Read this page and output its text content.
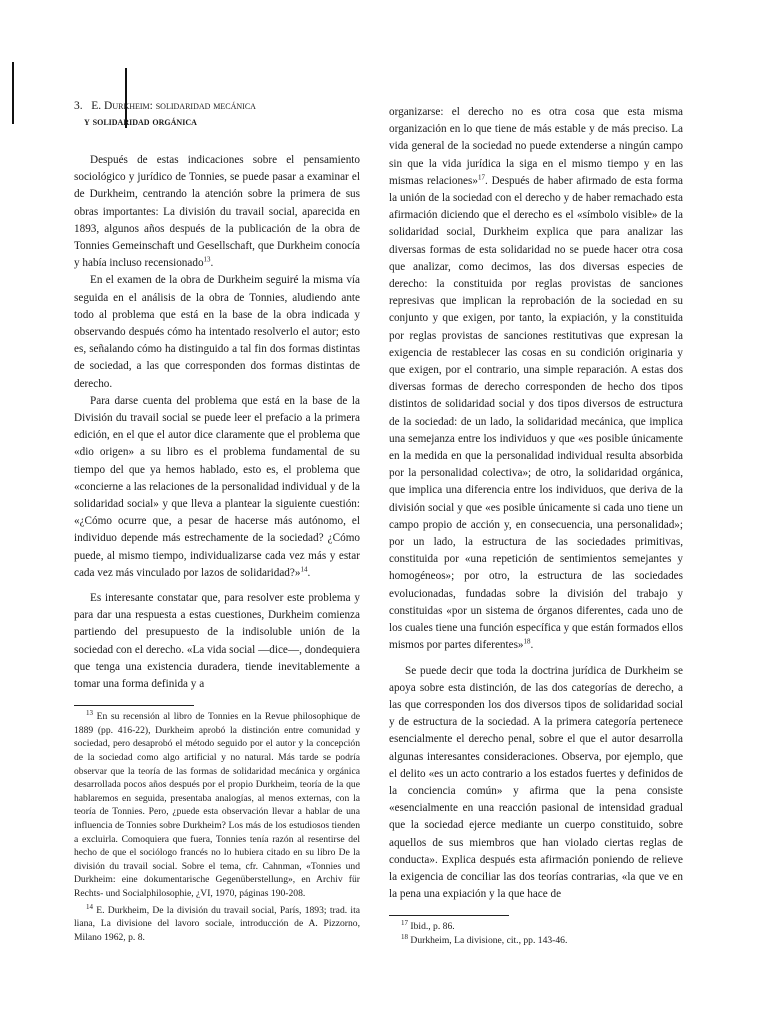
3. E. Durkheim: solidaridad mecánica
y solidaridad orgánica

Después de estas indicaciones sobre el pensamiento sociológico y jurídico de Tonnies, se puede pasar a examinar el de Durkheim, centrando la atención sobre la primera de sus obras importantes: La división du travail social, aparecida en 1893, algunos años después de la publicación de la obra de Tonnies Gemeinschaft und Gesellschaft, que Durkheim conocía y había incluso recensionado$^{13}$.

En el examen de la obra de Durkheim seguiré la misma vía seguida en el análisis de la obra de Tonnies, aludiendo ante todo al problema que está en la base de la obra indicada y observando después cómo ha intentado resolverlo el autor; esto es, señalando cómo ha distinguido a tal fin dos formas distintas de sociedad, a las que corresponden dos formas distintas de derecho.

Para darse cuenta del problema que está en la base de la División du travail social se puede leer el prefacio a la primera edición, en el que el autor dice claramente que el problema que «dio origen» a su libro es el problema fundamental de su tiempo del que ya hemos hablado, esto es, el problema que «concierne a las relaciones de la personalidad individual y de la solidaridad social» y que lleva a plantear la siguiente cuestión: «¿Cómo ocurre que, a pesar de hacerse más autónomo, el individuo depende más estrechamente de la sociedad? ¿Cómo puede, al mismo tiempo, individualizarse cada vez más y estar cada vez más vinculado por lazos de solidaridad?»$^{14}$.

Es interesante constatar que, para resolver este problema y para dar una respuesta a estas cuestiones, Durkheim comienza partiendo del presupuesto de la indisoluble unión de la sociedad con el derecho. «La vida social —dice—, dondequiera que tenga una existencia duradera, tiende inevitablemente a tomar una forma definida y a

$^{13}$ En su recensión al libro de Tonnies en la Revue philosophique de 1889 (pp. 416-22), Durkheim aprobó la distinción entre comunidad y sociedad, pero desaprobó el método seguido por el autor y la concepción de la sociedad como algo artificial y no natural. Más tarde se podría observar que la teoría de las formas de solidaridad mecánica y orgánica desarrollada pocos años después por el propio Durkheim, teoría de la que hablaremos en seguida, presentaba analogías, al menos externas, con la teoría de Tonnies. Pero, ¿puede esta observación llevar a hablar de una influencia de Tonnies sobre Durkheim? Los más de los estudiosos tienden a excluirla. Comoquiera que fuera, Tonnies tenía razón al resentirse del hecho de que el sociólogo francés no lo hubiera citado en su libro De la división du travail social. Sobre el tema, cfr. Cahnman, «Tonnies und Durkheim: eine dokumentarische Gegenüberstellung», en Archiv für Rechts- und Socialphilosophie, ¿VI, 1970, páginas 190-208.

$^{14}$ E. Durkheim, De la división du travail social, París, 1893; trad. ita liana, La divisione del lavoro sociale, introducción de A. Pizzorno, Milano 1962, p. 8.

organizarse: el derecho no es otra cosa que esta misma organización en lo que tiene de más estable y de más preciso. La vida general de la sociedad no puede extenderse a ningún campo sin que la vida jurídica la siga en el mismo tiempo y en las mismas relaciones»$^{17}$. Después de haber afirmado de esta forma la unión de la sociedad con el derecho y de haber remachado esta afirmación diciendo que el derecho es el «símbolo visible» de la solidaridad social, Durkheim explica que para analizar las diversas formas de esta solidaridad no se puede hacer otra cosa que analizar, como decimos, las dos diversas especies de derecho: la constituida por reglas provistas de sanciones represivas que implican la reprobación de la sociedad en su conjunto y que exigen, por tanto, la expiación, y la constituida por reglas provistas de sanciones restitutivas que expresan la exigencia de restablecer las cosas en su condición originaria y que exigen, por el contrario, una simple reparación. A estas dos diversas formas de derecho corresponden de hecho dos tipos distintos de solidaridad social y dos tipos diversos de estructura de la sociedad: de un lado, la solidaridad mecánica, que implica una semejanza entre los individuos y que «es posible únicamente en la medida en que la personalidad individual resulta absorbida por la personalidad colectiva»; de otro, la solidaridad orgánica, que implica una diferencia entre los individuos, que deriva de la división social y que «es posible únicamente si cada uno tiene un campo propio de acción y, en consecuencia, una personalidad»; por un lado, la estructura de las sociedades primitivas, constituida por «una repetición de sentimientos semejantes y homogéneos»; por otro, la estructura de las sociedades evolucionadas, fundadas sobre la división del trabajo y constituidas «por un sistema de órganos diferentes, cada uno de los cuales tiene una función específica y que están formados ellos mismos por partes diferentes»$^{18}$.

Se puede decir que toda la doctrina jurídica de Durkheim se apoya sobre esta distinción, de las dos categorías de derecho, a las que corresponden los dos diversos tipos de solidaridad social y de estructura de la sociedad. A la primera categoría pertenece esencialmente el derecho penal, sobre el que el autor desarrolla algunas interesantes consideraciones. Observa, por ejemplo, que el delito «es un acto contrario a los estados fuertes y definidos de la conciencia común» y afirma que la pena consiste «esencialmente en una reacción pasional de intensidad gradual que la sociedad ejerce mediante un cuerpo constituido, sobre aquellos de sus miembros que han violado ciertas reglas de conducta». Explica después esta afirmación poniendo de relieve la exigencia de conciliar las dos teorías contrarias, «la que ve en la pena una expiación y la que hace de

$^{17}$ Ibid., p. 86.

$^{18}$ Durkheim, La divisione, cit., pp. 143-46.
